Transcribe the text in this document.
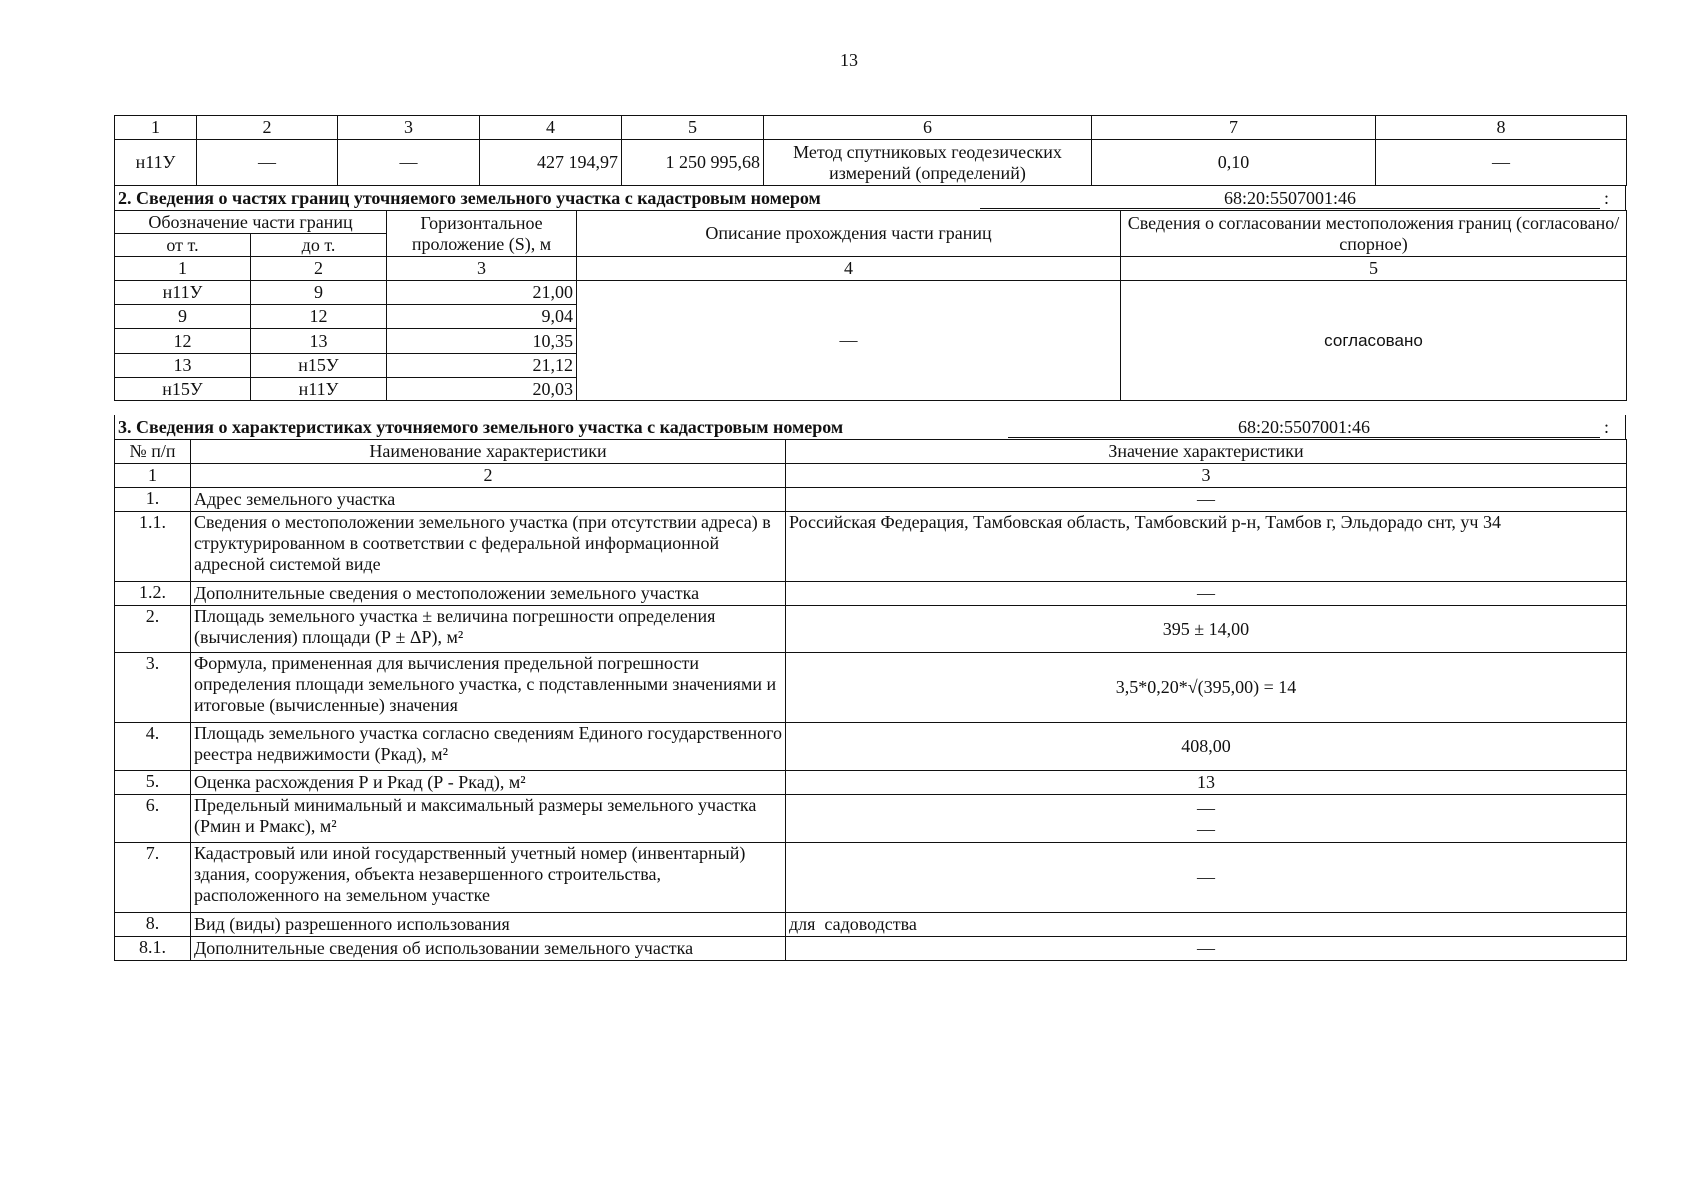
13
1	2	3	4	5	6	7	8
н11У	—	—	427 194,97	1 250 995,68	Метод спутниковых геодезических измерений (определений)	0,10	—
2. Сведения о частях границ уточняемого земельного участка с кадастровым номером	68:20:5507001:46	:
Обозначение части границ		Горизонтальное проложение (S), м	Описание прохождения части границ	Сведения о согласовании местоположения границ (согласовано/спорное)
от т.	до т.			
1	2	3	4	5
н11У	9	21,00	—	согласовано
9	12	9,04		
12	13	10,35		
13	н15У	21,12		
н15У	н11У	20,03		
3. Сведения о характеристиках уточняемого земельного участка с кадастровым номером	68:20:5507001:46	:
№ п/п	Наименование характеристики	Значение характеристики
1	2	3
1.	Адрес земельного участка	—
1.1.	Сведения о местоположении земельного участка (при отсутствии адреса) в структурированном в соответствии с федеральной информационной адресной системой виде	Российская Федерация, Тамбовская область, Тамбовский р-н, Тамбов г, Эльдорадо снт, уч 34
1.2.	Дополнительные сведения о местоположении земельного участка	—
2.	Площадь земельного участка ± величина погрешности определения (вычисления) площади (Р ± ΔР), м²	395 ± 14,00
3.	Формула, примененная для вычисления предельной погрешности определения площади земельного участка, с подставленными значениями и итоговые (вычисленные) значения	3,5*0,20*√(395,00) = 14
4.	Площадь земельного участка согласно сведениям Единого государственного реестра недвижимости (Ркад), м²	408,00
5.	Оценка расхождения Р и Ркад (Р - Ркад), м²	13
6.	Предельный минимальный и максимальный размеры земельного участка (Рмин и Рмакс), м²	—
—

7.	Кадастровый или иной государственный учетный номер (инвентарный) здания, сооружения, объекта незавершенного строительства, расположенного на земельном участке	—
8.	Вид (виды) разрешенного использования	для  садоводства
8.1.	Дополнительные сведения об использовании земельного участка	—
